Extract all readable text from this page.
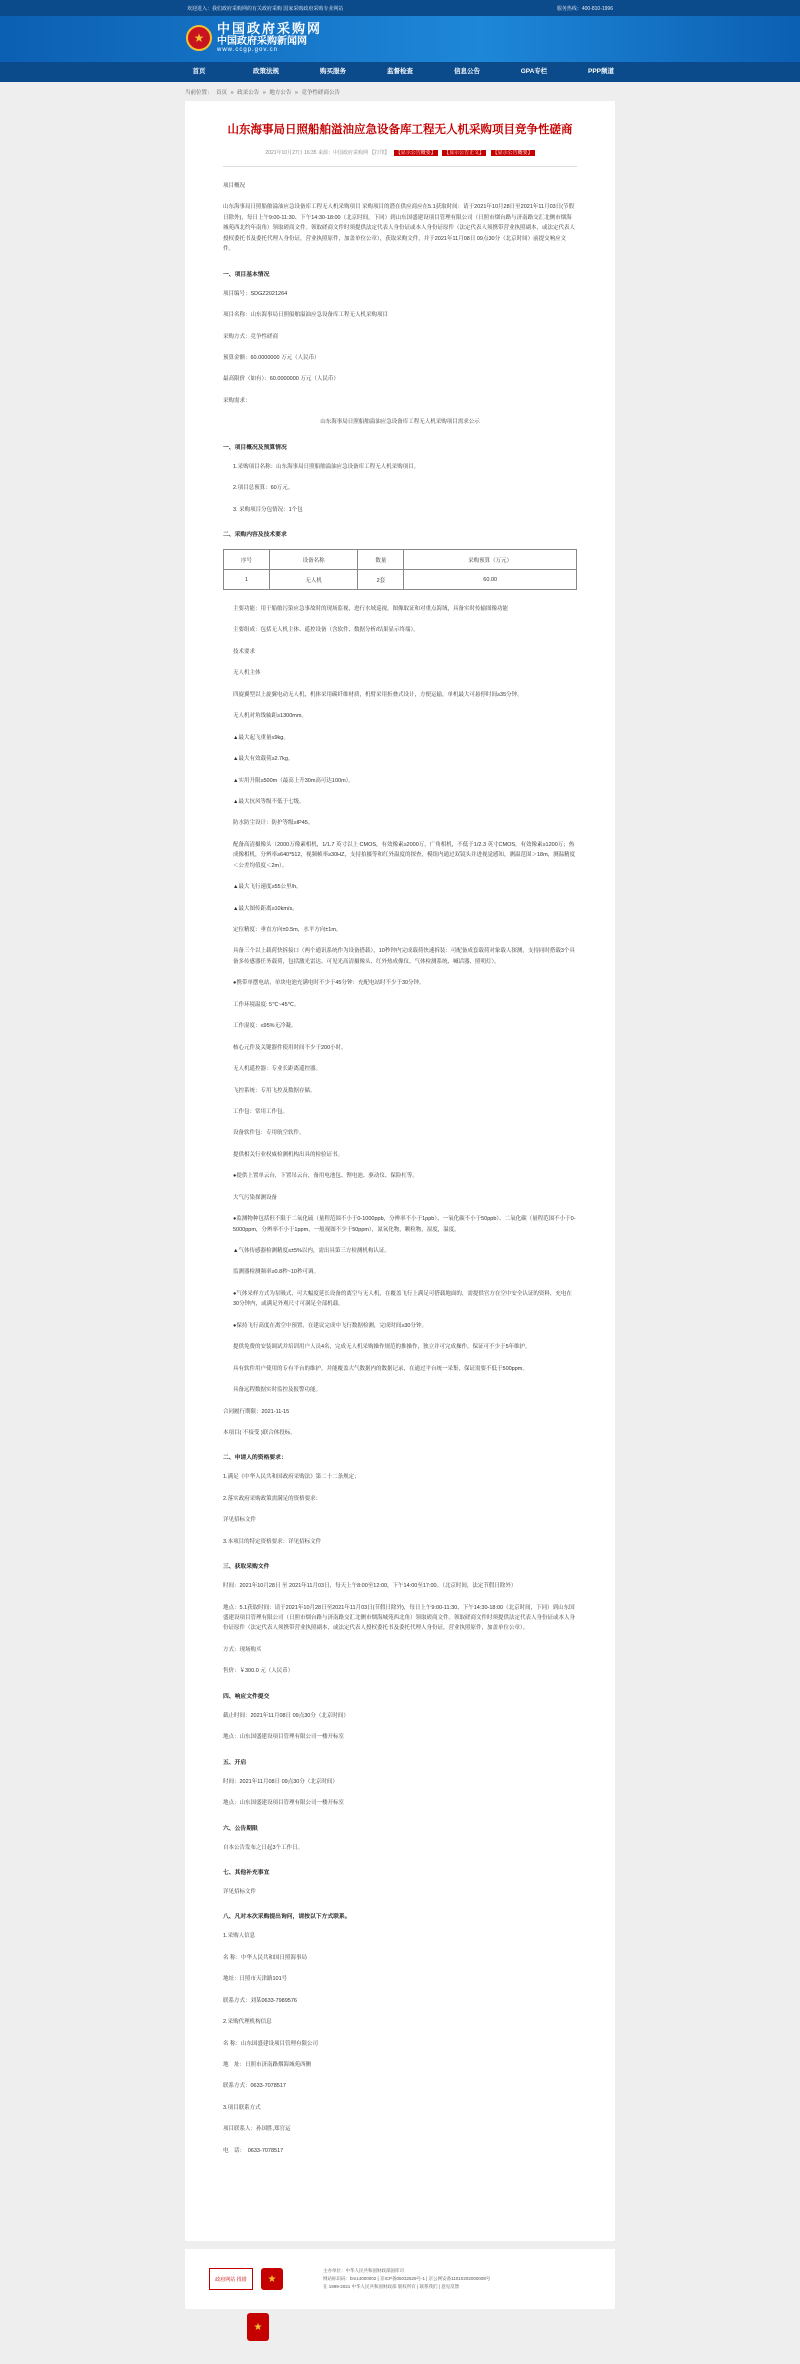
欢迎进入：我们政府采购网的有关政府采购 国家采购政府采购专业网站	服务热线：400-810-1996
★
中国政府采购网
中国政府采购新闻网
www.ccgp.gov.cn
首页	政策法规	购买服务	监督检查	信息公告	GPA专栏	PPP频道
当前位置： 首页 » 政采公告 » 地方公告 » 竞争性磋商公告
山东海事局日照船舶溢油应急设备库工程无人机采购项目竞争性磋商
2021年10月27日 16:35 来源：中国政府采购网 【打印】 【显示公告概要】 【显示公告正文】 【显示公告概要】
项目概况
山东海事局日照船舶溢油应急设备库工程无人机采购项目 采购项目的潜在供应商应在5.1获取时间：请于2021年10月28日至2021年11月03日(节假日除外)，每日上午9:00-11:30、下午14:30-18:00（北京时间，下同）到山东国盛建设项目管理有限公司（日照市烟台路与济南路交汇北侧市烟海城苑西北约年南角）领取磋商文件。领取磋商文件时须提供法定代表人身份证或本人身份证原件（法定代表人须携带营业执照副本，或法定代表人授权委托书及委托代理人身份证，营业执照原件，加盖单位公章），获取采购文件，并于2021年11月08日 09点30分（北京时间）前提交响应文件。
一、项目基本情况
项目编号：SDGZ2021264
项目名称：山东海事局日照船舶溢油应急设备库工程无人机采购项目
采购方式：竞争性磋商
预算金额：60.0000000 万元（人民币）
最高限价（如有）：60.0000000 万元（人民币）
采购需求：
山东海事局日照船舶溢油应急设备库工程无人机采购项目需求公示
一、项目概况及预算情况
1.采购项目名称：山东海事局日照船舶溢油应急设备库工程无人机采购项目。
2.项目总预算：60万元。
3. 采购项目分包情况：1个包
二、采购内容及技术要求
序号	设备名称	数量	采购预算（万元）
1	无人机	2套	60.00
主要功能：用于船舶污染应急事故时的现场监视，进行水域巡视，图像取证和对重点海域，具备实时传输图像功能
主要组成：包括无人机主体、遥控设备（含软件、数据分析/结果显示终端）。
技术要求
无人机主体
四旋翼型以上旋翼电动无人机，机体采用碳纤维材质，机臂采用折叠式设计，方便运输，单机最大可悬停时间≥35分钟。
无人机对角线轴距≥1300mm。
▲最大起飞重量≤9kg。
▲最大有效载荷≥2.7kg。
▲实用升限≥500m（最高上升30m高可达100m）。
▲最大抗风等级不低于七级。
防水防尘设计：防护等级≥IP45。
配备高清摄像头（2000万像素相机，1/1.7 英寸以上 CMOS，有效像素≥2000万，广角相机，不低于1/2.3 英寸CMOS，有效像素≥1200万；热成像相机，分辨率≥640*512，视频帧率≥30HZ，支持拍摄等和红外温度的探查，模组内通过双镜头并进视觉感知，测温范围＞18m，测温精度＜公差均值度＜2m）。
▲最大飞行速度≥55公里/h。
▲最大图传距离≥10km/s。
定位精度：垂直方向±0.5m，水平方向±1m。
具备三个以上载荷快拆接口（两个通讯系统作为设备搭载），10秒钟内完成载荷快速拆装：可配备成套载荷对象载人探测，支持同时搭载3个具备多传感器任务载荷，包括激光雷达、可见光高清摄像头、红外热成像仪、气体检测系统、喊话器、照明灯）。
●携带单摆电站，单块电池充满电时不少于45分钟：充配电站时不少于30分钟。
工作环境温度: 5℃~45℃。
工作湿度：≤95%无冷凝。
核心元件及关键器件使用时间不少于200小时。
无人机遥控器：专业长距离遥控器。
飞控系统：专用飞控及数据存储。
工作包：常用工作包。
设备软件包：专用航空软件。
提供相关行业权威检测机构出具的检验证书。
●提供上置单云台，下置吊云台，备用电池包、锂电池、驱动仪、保险杠等。
大气污染探测设备
●监测物种包括但不限于二氧化硫（量程范围不小于0-1000ppb，分辨率不小于1ppb）、一氧化碳不小于50ppb）、二氧化碳（量程范围不小于0-5000ppm，分辨率不小于1ppm，一般视图不少于50ppm），氮氧化物，颗粒物，湿度，温度。
▲气体传感器检测精度≤±5%以内，需出具第三方检测机构认证。
监测器检测频率≥0.8秒~10秒可调。
●气体采样方式为泵吸式，可大幅度延长设备的离空与无人机，在覆盖飞行上满足可搭载地面的，需提供官方在空中安全认证的资料，充电在30分钟内，或满足外观尺寸可满足全部机载。
●保持飞行高度在离空中预置，在建议完成中飞行数据检测，完成时间≥30分钟。
提供免费的安装调试并培训用户人员4名，完成无人机采购操作规范的推操作，独立并可完成操作，保证可不少于5年维护。
具有软件用户使用的专有平台的维护，并能覆盖大气数据内的数据记录，在通过平台统一采集，保证需要不低于500ppm。
具备远程数据实时监控及报警功能。
合同履行期限：2021-11-15
本项目( 不接受 )联合体投标。
二、申请人的资格要求：
1.满足《中华人民共和国政府采购法》第二十二条规定；
2.落实政府采购政策需满足的资格要求：
详见招标文件
3.本项目的特定资格要求：详见招标文件
三、获取采购文件
时间：2021年10月28日 至 2021年11月03日，每天上午8:00至12:00，下午14:00至17:00。（北京时间，法定节假日除外）
地点：5.1获取时间：请于2021年10月28日至2021年11月03日(节假日除外)，每日上午9:00-11:30、下午14:30-18:00（北京时间，下同）到山东国盛建设项目管理有限公司（日照市烟台路与济南路交汇北侧市烟海城苑西北角）领取磋商文件。领取磋商文件时须提供法定代表人身份证或本人身份证原件（法定代表人须携带营业执照副本，或法定代表人授权委托书及委托代理人身份证，营业执照原件，加盖单位公章）。
方式：现场购买
售价：￥300.0 元（人民币）
四、响应文件提交
截止时间：2021年11月08日 09点30分（北京时间）
地点：山东国盛建设项目管理有限公司一楼开标室
五、开启
时间：2021年11月08日 09点30分（北京时间）
地点：山东国盛建设项目管理有限公司一楼开标室
六、公告期限
自本公告发布之日起3个工作日。
七、其他补充事宜
详见招标文件
八、凡对本次采购提出询问，请按以下方式联系。
1.采购人信息
名 称：中华人民共和国日照海事局
地址：日照市天津路101号
联系方式：刘某0633-7989576
2.采购代理机构信息
名 称：山东国盛建设项目管理有限公司
地　址：日照市济南路烟海城苑西侧
联系方式：0633-7078517
3.项目联系方式
项目联系人：孙国胜,郑官运
电　话：　0633-7078517
政府网站 找错	★
主办单位：中华人民共和国财政部国库司
网站标识码：bm14000002 | 京ICP备05032529号-1 | 京公网安备11010202000008号
在 1999-2021 中华人民共和国财政部 版权所有 | 联系我们 | 意见反馈
★
